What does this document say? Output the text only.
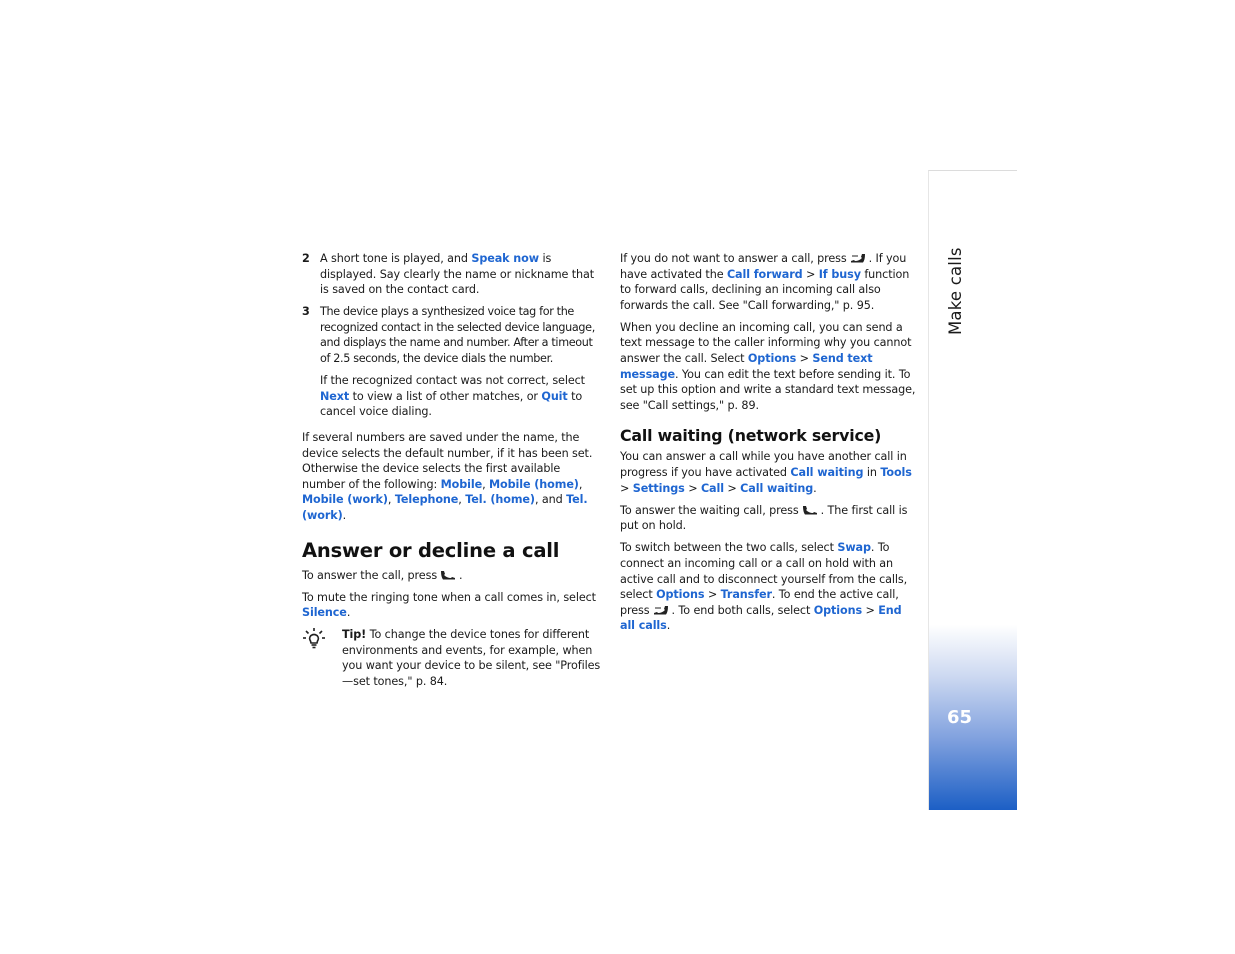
2 A short tone is played, and Speak now is displayed. Say clearly the name or nickname that is saved on the contact card.
3 The device plays a synthesized voice tag for the recognized contact in the selected device language, and displays the name and number. After a timeout of 2.5 seconds, the device dials the number.

If the recognized contact was not correct, select Next to view a list of other matches, or Quit to cancel voice dialing.

If several numbers are saved under the name, the device selects the default number, if it has been set. Otherwise the device selects the first available number of the following: Mobile, Mobile (home), Mobile (work), Telephone, Tel. (home), and Tel. (work).

Answer or decline a call

To answer the call, press .

To mute the ringing tone when a call comes in, select Silence.

Tip! To change the device tones for different environments and events, for example, when you want your device to be silent, see "Profiles—set tones," p. 84.

If you do not want to answer a call, press . If you have activated the Call forward > If busy function to forward calls, declining an incoming call also forwards the call. See "Call forwarding," p. 95.

When you decline an incoming call, you can send a text message to the caller informing why you cannot answer the call. Select Options > Send text message. You can edit the text before sending it. To set up this option and write a standard text message, see "Call settings," p. 89.

Call waiting (network service)

You can answer a call while you have another call in progress if you have activated Call waiting in Tools > Settings > Call > Call waiting.

To answer the waiting call, press . The first call is put on hold.

To switch between the two calls, select Swap. To connect an incoming call or a call on hold with an active call and to disconnect yourself from the calls, select Options > Transfer. To end the active call, press . To end both calls, select Options > End all calls.

Make calls
65
